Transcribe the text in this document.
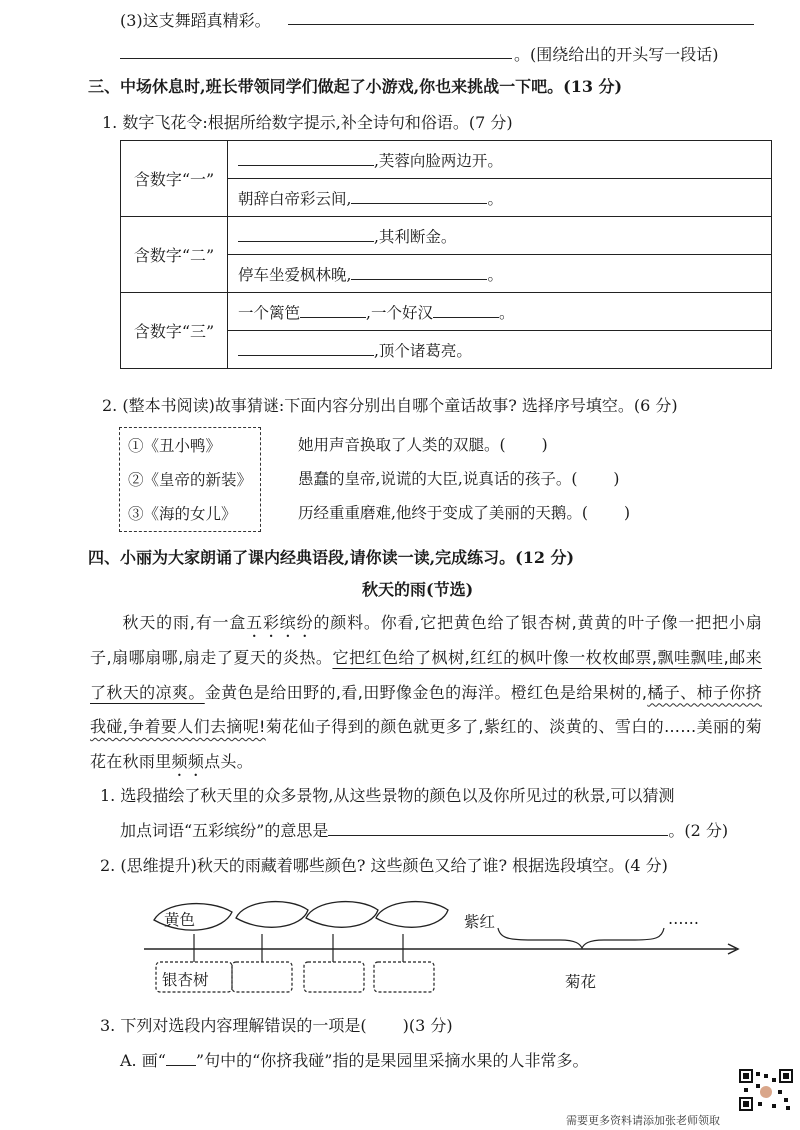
(3)这支舞蹈真精彩。
。(围绕给出的开头写一段话)
三、中场休息时,班长带领同学们做起了小游戏,你也来挑战一下吧。(13 分)
1. 数字飞花令:根据所给数字提示,补全诗句和俗语。(7 分)
含数字“一”	,芙蓉向脸两边开。
	朝辞白帝彩云间, 。
含数字“二”	,其利断金。
	停车坐爱枫林晚, 。
含数字“三”	一个篱笆 ,一个好汉 。
	,顶个诸葛亮。
2. (整本书阅读)故事猜谜:下面内容分别出自哪个童话故事? 选择序号填空。(6 分)
①《丑小鸭》
②《皇帝的新装》
③《海的女儿》
她用声音换取了人类的双腿。( )
愚蠢的皇帝,说谎的大臣,说真话的孩子。( )
历经重重磨难,他终于变成了美丽的天鹅。( )
四、小丽为大家朗诵了课内经典语段,请你读一读,完成练习。(12 分)
秋天的雨(节选)
秋天的雨,有一盒五彩缤纷的颜料。你看,它把黄色给了银杏树,黄黄的叶子像一把把小扇子,扇哪扇哪,扇走了夏天的炎热。它把红色给了枫树,红红的枫叶像一枚枚邮票,飘哇飘哇,邮来了秋天的凉爽。金黄色是给田野的,看,田野像金色的海洋。橙红色是给果树的,橘子、柿子你挤我碰,争着要人们去摘呢!菊花仙子得到的颜色就更多了,紫红的、淡黄的、雪白的……美丽的菊花在秋雨里频频点头。
1. 选段描绘了秋天里的众多景物,从这些景物的颜色以及你所见过的秋景,可以猜测
加点词语“五彩缤纷”的意思是	。(2 分)
2. (思维提升)秋天的雨藏着哪些颜色? 这些颜色又给了谁? 根据选段填空。(4 分)
黄色	紫红	……
银杏树	菊花
3. 下列对选段内容理解错误的一项是( )(3 分)
A. 画“ ”句中的“你挤我碰”指的是果园里采摘水果的人非常多。
需要更多资料请添加张老师领取
